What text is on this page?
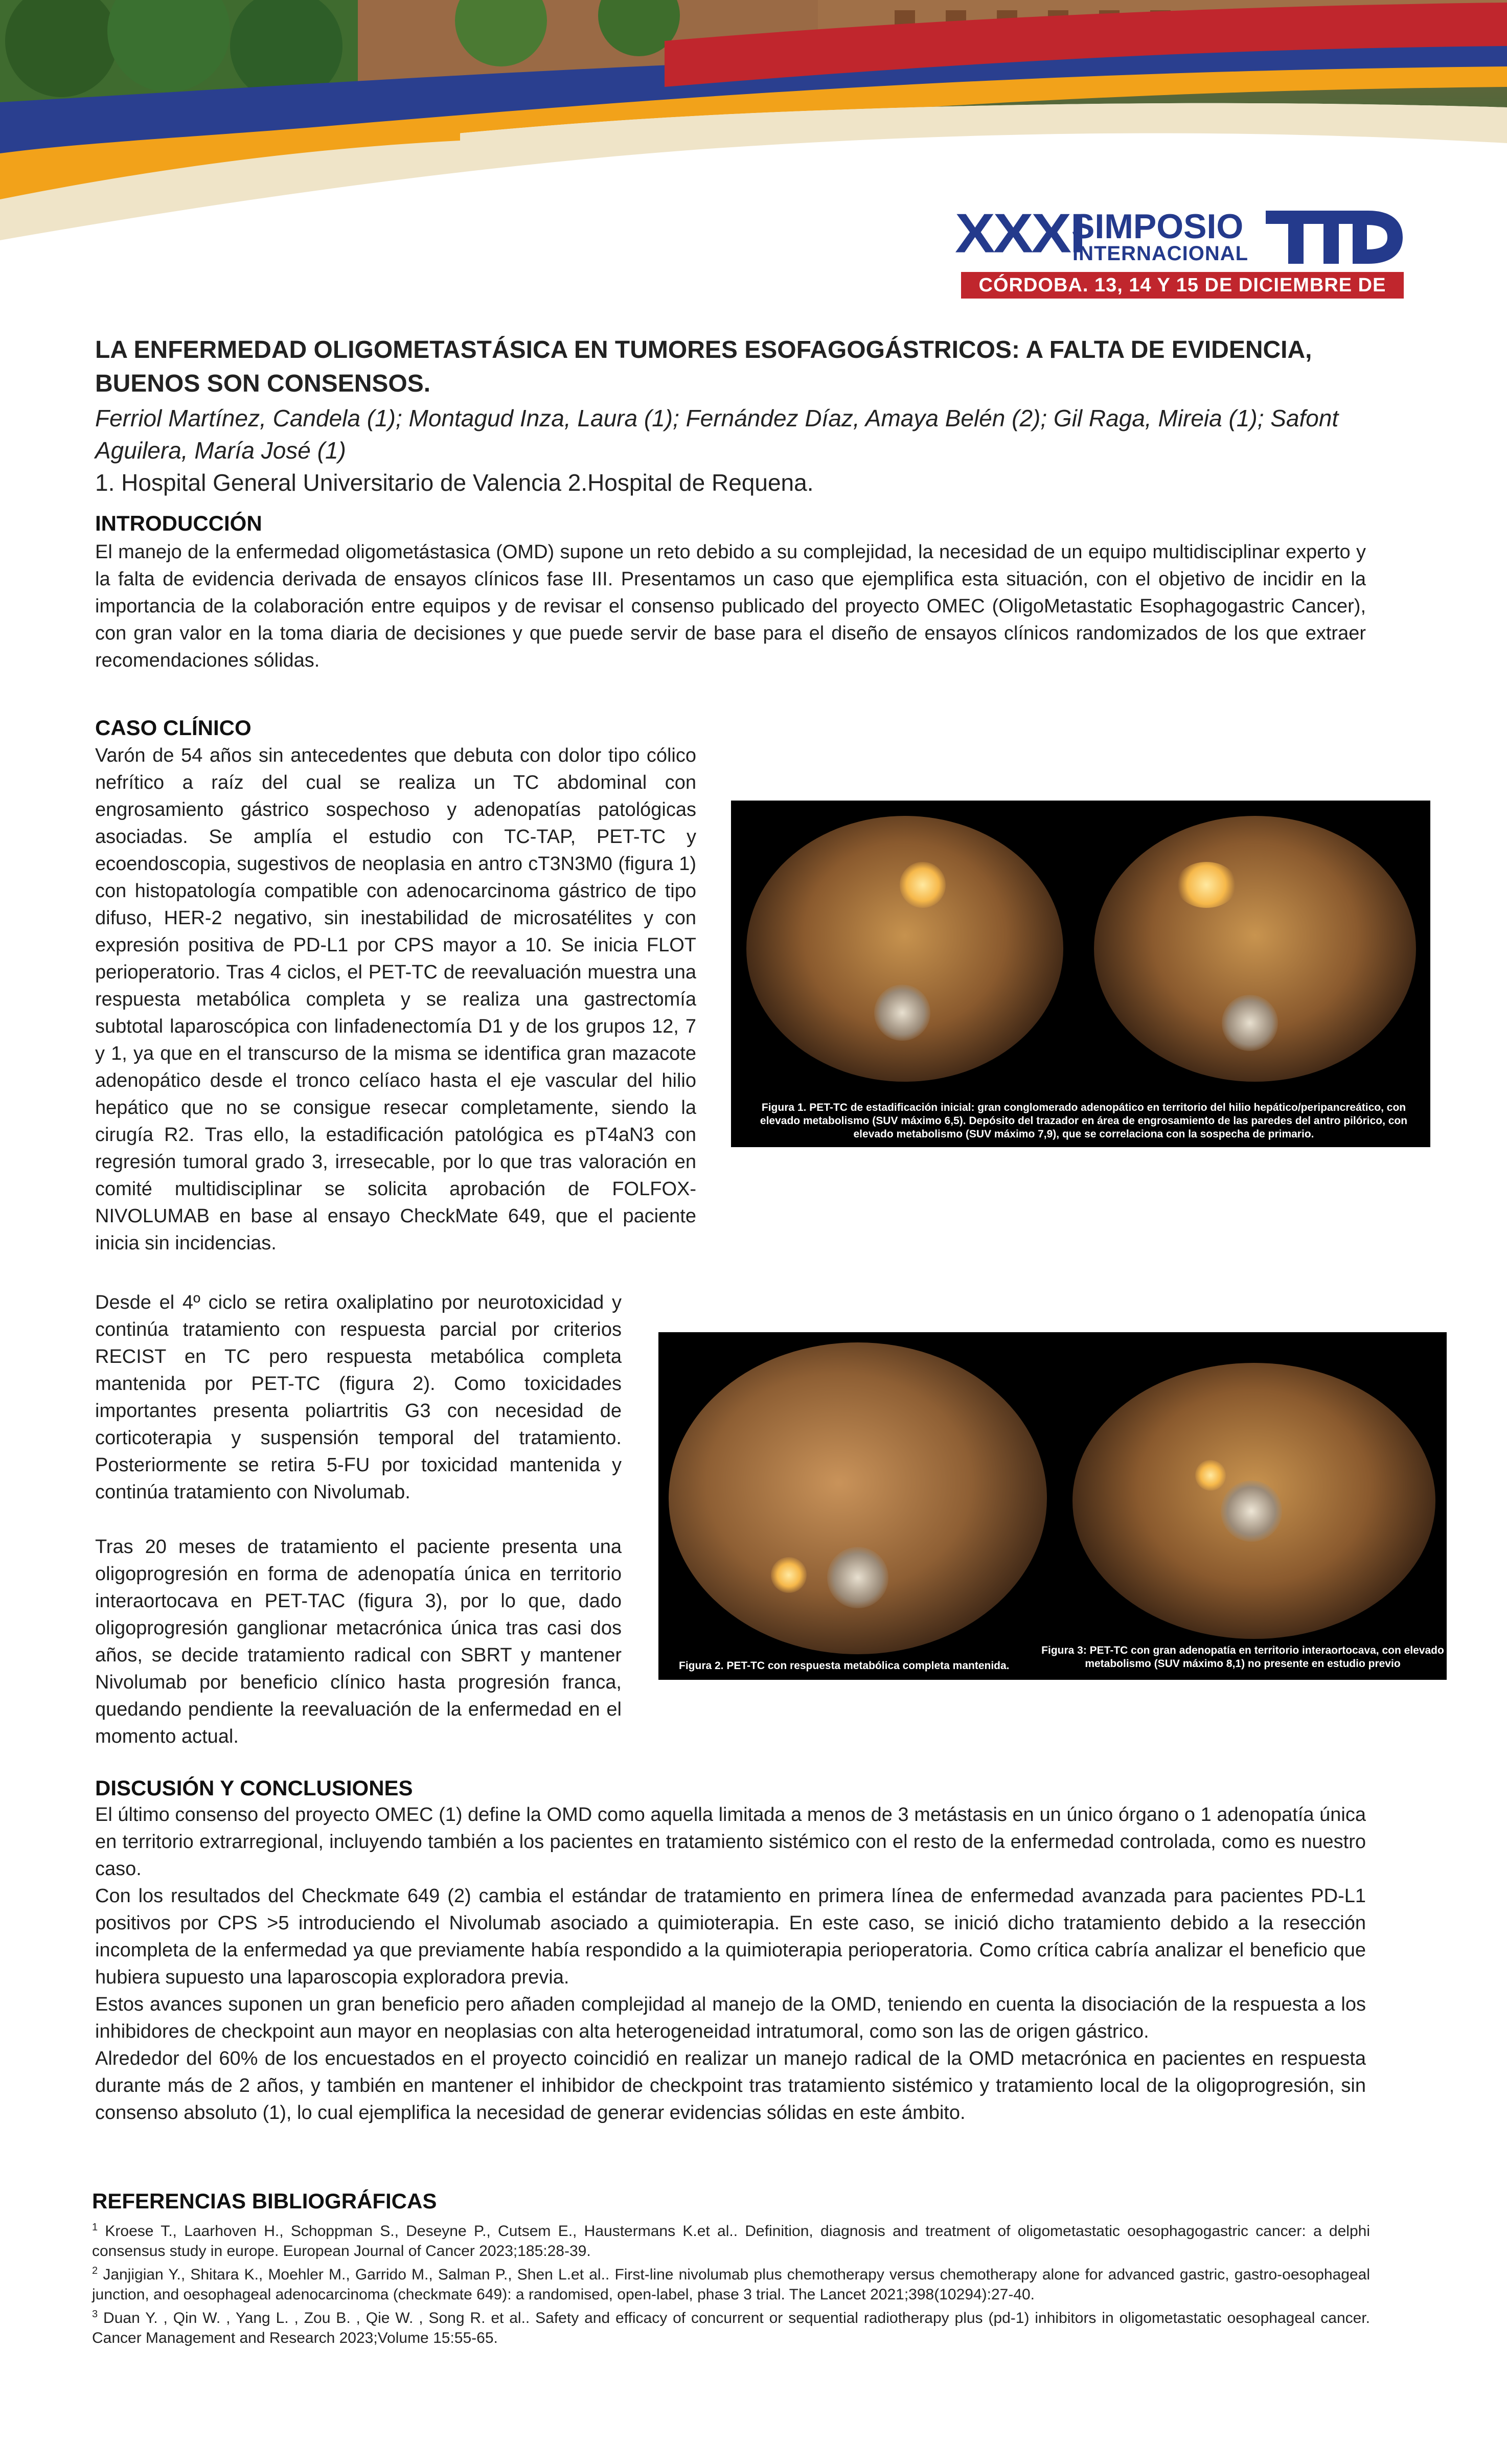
XXXI
SIMPOSIO
INTERNACIONAL	TTD
CÓRDOBA. 13, 14 Y 15 DE DICIEMBRE DE 2023
LA ENFERMEDAD OLIGOMETASTÁSICA EN TUMORES ESOFAGOGÁSTRICOS: A FALTA DE EVIDENCIA, BUENOS SON CONSENSOS.
Ferriol Martínez, Candela (1); Montagud Inza, Laura (1); Fernández Díaz, Amaya Belén (2); Gil Raga, Mireia (1); Safont Aguilera, María José (1)
1. Hospital General Universitario de Valencia 2.Hospital de Requena.
INTRODUCCIÓN
El manejo de la enfermedad oligometástasica (OMD) supone un reto debido a su complejidad, la necesidad de un equipo multidisciplinar experto y la falta de evidencia derivada de ensayos clínicos fase III. Presentamos un caso que ejemplifica esta situación, con el objetivo de incidir en la importancia de la colaboración entre equipos y de revisar el consenso publicado del proyecto OMEC (OligoMetastatic Esophagogastric Cancer), con gran valor en la toma diaria de decisiones y que puede servir de base para el diseño de ensayos clínicos randomizados de los que extraer recomendaciones sólidas.
CASO CLÍNICO
Varón de 54 años sin antecedentes que debuta con dolor tipo cólico nefrítico a raíz del cual se realiza un TC abdominal con engrosamiento gástrico sospechoso y adenopatías patológicas asociadas. Se amplía el estudio con TC-TAP, PET-TC y ecoendoscopia, sugestivos de neoplasia en antro cT3N3M0 (figura 1) con histopatología compatible con adenocarcinoma gástrico de tipo difuso, HER-2 negativo, sin inestabilidad de microsatélites y con expresión positiva de PD-L1 por CPS mayor a 10. Se inicia FLOT perioperatorio. Tras 4 ciclos, el PET-TC de reevaluación muestra una respuesta metabólica completa y se realiza una gastrectomía subtotal laparoscópica con linfadenectomía D1 y de los grupos 12, 7 y 1, ya que en el transcurso de la misma se identifica gran mazacote adenopático desde el tronco celíaco hasta el eje vascular del hilio hepático que no se consigue resecar completamente, siendo la cirugía R2. Tras ello, la estadificación patológica es pT4aN3 con regresión tumoral grado 3, irresecable, por lo que tras valoración en comité multidisciplinar se solicita aprobación de FOLFOX-NIVOLUMAB en base al ensayo CheckMate 649, que el paciente inicia sin incidencias.
Desde el 4º ciclo se retira oxaliplatino por neurotoxicidad y continúa tratamiento con respuesta parcial por criterios RECIST en TC pero respuesta metabólica completa mantenida por PET-TC (figura 2). Como toxicidades importantes presenta poliartritis G3 con necesidad de corticoterapia y suspensión temporal del tratamiento. Posteriormente se retira 5-FU por toxicidad mantenida y continúa tratamiento con Nivolumab.
Tras 20 meses de tratamiento el paciente presenta una oligoprogresión en forma de adenopatía única en territorio interaortocava en PET-TAC (figura 3), por lo que, dado oligoprogresión ganglionar metacrónica única tras casi dos años, se decide tratamiento radical con SBRT y mantener Nivolumab por beneficio clínico hasta progresión franca, quedando pendiente la reevaluación de la enfermedad en el momento actual.
Figura 1. PET-TC de estadificación inicial: gran conglomerado adenopático en territorio del hilio hepático/peripancreático, con elevado metabolismo (SUV máximo 6,5). Depósito del trazador en área de engrosamiento de las paredes del antro pilórico, con elevado metabolismo (SUV máximo 7,9), que se correlaciona con la sospecha de primario.
Figura 2. PET-TC con respuesta metabólica completa mantenida.
Figura 3: PET-TC con gran adenopatía en territorio interaortocava, con elevado metabolismo (SUV máximo 8,1) no presente en estudio previo
DISCUSIÓN Y CONCLUSIONES

El último consenso del proyecto OMEC (1) define la OMD como aquella limitada a menos de 3 metástasis en un único órgano o 1 adenopatía única en territorio extrarregional, incluyendo también a los pacientes en tratamiento sistémico con el resto de la enfermedad controlada, como es nuestro caso.

Con los resultados del Checkmate 649 (2) cambia el estándar de tratamiento en primera línea de enfermedad avanzada para pacientes PD-L1 positivos por CPS >5 introduciendo el Nivolumab asociado a quimioterapia. En este caso, se inició dicho tratamiento debido a la resección incompleta de la enfermedad ya que previamente había respondido a la quimioterapia perioperatoria. Como crítica cabría analizar el beneficio que hubiera supuesto una laparoscopia exploradora previa.

Estos avances suponen un gran beneficio pero añaden complejidad al manejo de la OMD, teniendo en cuenta la disociación de la respuesta a los inhibidores de checkpoint aun mayor en neoplasias con alta heterogeneidad intratumoral, como son las de origen gástrico.

Alrededor del 60% de los encuestados en el proyecto coincidió en realizar un manejo radical de la OMD metacrónica en pacientes en respuesta durante más de 2 años, y también en mantener el inhibidor de checkpoint tras tratamiento sistémico y tratamiento local de la oligoprogresión, sin consenso absoluto (1), lo cual ejemplifica la necesidad de generar evidencias sólidas en este ámbito.

REFERENCIAS BIBLIOGRÁFICAS

$^1$ Kroese T., Laarhoven H., Schoppman S., Deseyne P., Cutsem E., Haustermans K.et al.. Definition, diagnosis and treatment of oligometastatic oesophagogastric cancer: a delphi consensus study in europe. European Journal of Cancer 2023;185:28-39.

$^2$ Janjigian Y., Shitara K., Moehler M., Garrido M., Salman P., Shen L.et al.. First-line nivolumab plus chemotherapy versus chemotherapy alone for advanced gastric, gastro-oesophageal junction, and oesophageal adenocarcinoma (checkmate 649): a randomised, open-label, phase 3 trial. The Lancet 2021;398(10294):27-40.

$^3$ Duan Y. , Qin W. , Yang L. , Zou B. , Qie W. , Song R. et al.. Safety and efficacy of concurrent or sequential radiotherapy plus (pd-1) inhibitors in oligometastatic oesophageal cancer. Cancer Management and Research 2023;Volume 15:55-65.
